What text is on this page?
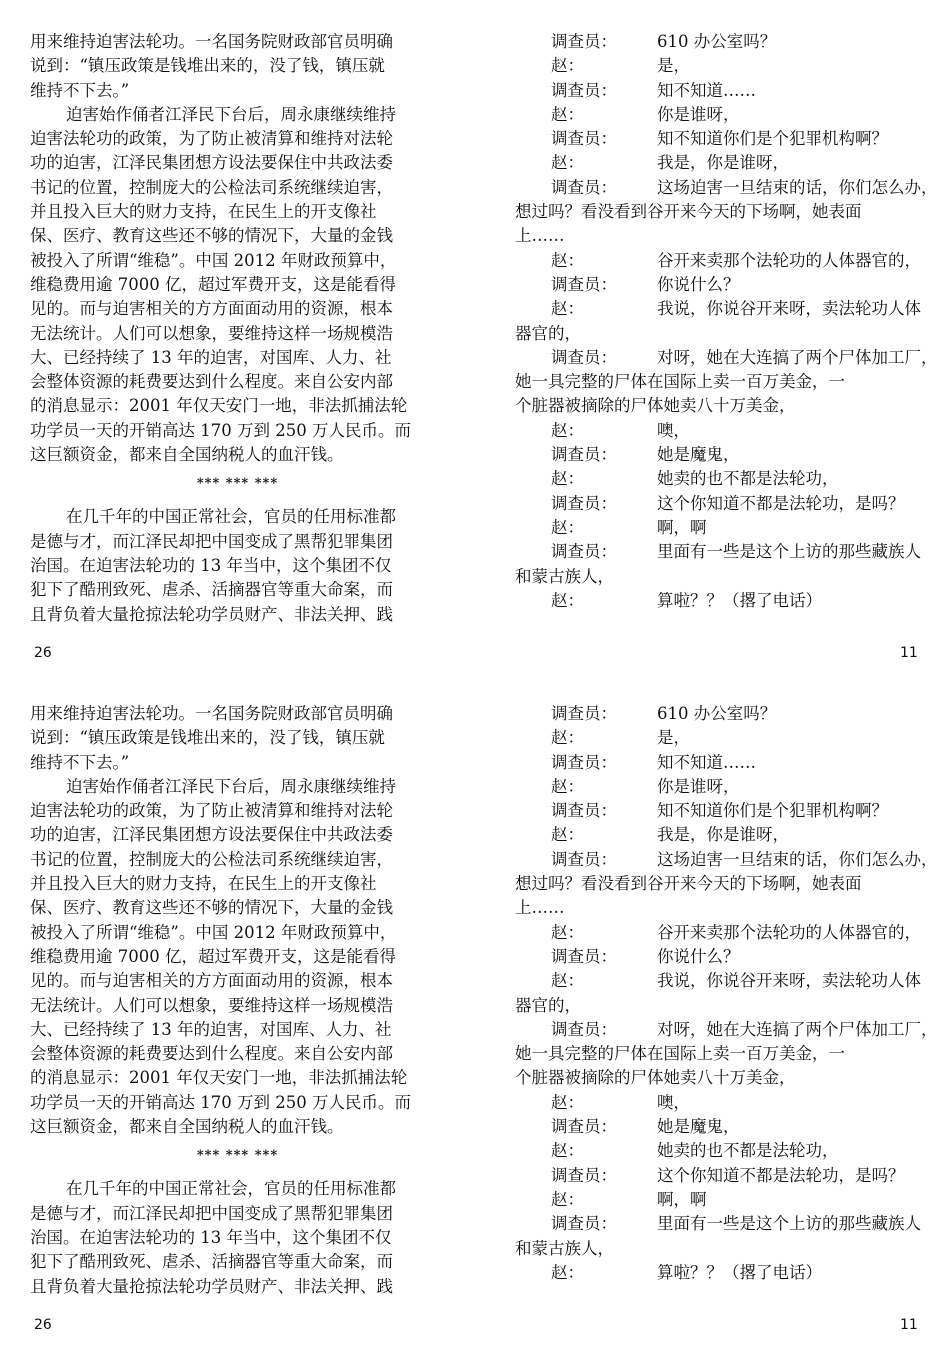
用来维持迫害法轮功。一名国务院财政部官员明确
说到：“镇压政策是钱堆出来的，没了钱，镇压就
维持不下去。”
迫害始作俑者江泽民下台后，周永康继续维持
迫害法轮功的政策，为了防止被清算和维持对法轮
功的迫害，江泽民集团想方设法要保住中共政法委
书记的位置，控制庞大的公检法司系统继续迫害，
并且投入巨大的财力支持，在民生上的开支像社
保、医疗、教育这些还不够的情况下，大量的金钱
被投入了所谓“维稳”。中国 2012 年财政预算中，
维稳费用逾 7000 亿，超过军费开支，这是能看得
见的。而与迫害相关的方方面面动用的资源，根本
无法统计。人们可以想象，要维持这样一场规模浩
大、已经持续了 13 年的迫害，对国库、人力、社
会整体资源的耗费要达到什么程度。来自公安内部
的消息显示：2001 年仅天安门一地，非法抓捕法轮
功学员一天的开销高达 170 万到 250 万人民币。而
这巨额资金，都来自全国纳税人的血汗钱。
*** *** ***
在几千年的中国正常社会，官员的任用标准都
是德与才，而江泽民却把中国变成了黑帮犯罪集团
治国。在迫害法轮功的 13 年当中，这个集团不仅
犯下了酷刑致死、虐杀、活摘器官等重大命案，而
且背负着大量抢掠法轮功学员财产、非法关押、践
调查员：	610 办公室吗？
赵：	是，
调查员：	知不知道……
赵：	你是谁呀，
调查员：	知不知道你们是个犯罪机构啊？
赵：	我是，你是谁呀，
调查员：	这场迫害一旦结束的话，你们怎么办，
想过吗？看没看到谷开来今天的下场啊，她表面
上……
赵：	谷开来卖那个法轮功的人体器官的，
调查员：	你说什么？
赵：	我说，你说谷开来呀，卖法轮功人体
器官的，
调查员：	对呀，她在大连搞了两个尸体加工厂，
她一具完整的尸体在国际上卖一百万美金，一
个脏器被摘除的尸体她卖八十万美金，
赵：	噢，
调查员：	她是魔鬼，
赵：	她卖的也不都是法轮功，
调查员：	这个你知道不都是法轮功，是吗？
赵：	啊，啊
调查员：	里面有一些是这个上访的那些藏族人
和蒙古族人，
赵：	算啦？？（撂了电话）
26	11
用来维持迫害法轮功。一名国务院财政部官员明确
说到：“镇压政策是钱堆出来的，没了钱，镇压就
维持不下去。”
迫害始作俑者江泽民下台后，周永康继续维持
迫害法轮功的政策，为了防止被清算和维持对法轮
功的迫害，江泽民集团想方设法要保住中共政法委
书记的位置，控制庞大的公检法司系统继续迫害，
并且投入巨大的财力支持，在民生上的开支像社
保、医疗、教育这些还不够的情况下，大量的金钱
被投入了所谓“维稳”。中国 2012 年财政预算中，
维稳费用逾 7000 亿，超过军费开支，这是能看得
见的。而与迫害相关的方方面面动用的资源，根本
无法统计。人们可以想象，要维持这样一场规模浩
大、已经持续了 13 年的迫害，对国库、人力、社
会整体资源的耗费要达到什么程度。来自公安内部
的消息显示：2001 年仅天安门一地，非法抓捕法轮
功学员一天的开销高达 170 万到 250 万人民币。而
这巨额资金，都来自全国纳税人的血汗钱。
*** *** ***
在几千年的中国正常社会，官员的任用标准都
是德与才，而江泽民却把中国变成了黑帮犯罪集团
治国。在迫害法轮功的 13 年当中，这个集团不仅
犯下了酷刑致死、虐杀、活摘器官等重大命案，而
且背负着大量抢掠法轮功学员财产、非法关押、践
调查员：	610 办公室吗？
赵：	是，
调查员：	知不知道……
赵：	你是谁呀，
调查员：	知不知道你们是个犯罪机构啊？
赵：	我是，你是谁呀，
调查员：	这场迫害一旦结束的话，你们怎么办，
想过吗？看没看到谷开来今天的下场啊，她表面
上……
赵：	谷开来卖那个法轮功的人体器官的，
调查员：	你说什么？
赵：	我说，你说谷开来呀，卖法轮功人体
器官的，
调查员：	对呀，她在大连搞了两个尸体加工厂，
她一具完整的尸体在国际上卖一百万美金，一
个脏器被摘除的尸体她卖八十万美金，
赵：	噢，
调查员：	她是魔鬼，
赵：	她卖的也不都是法轮功，
调查员：	这个你知道不都是法轮功，是吗？
赵：	啊，啊
调查员：	里面有一些是这个上访的那些藏族人
和蒙古族人，
赵：	算啦？？（撂了电话）
26	11
